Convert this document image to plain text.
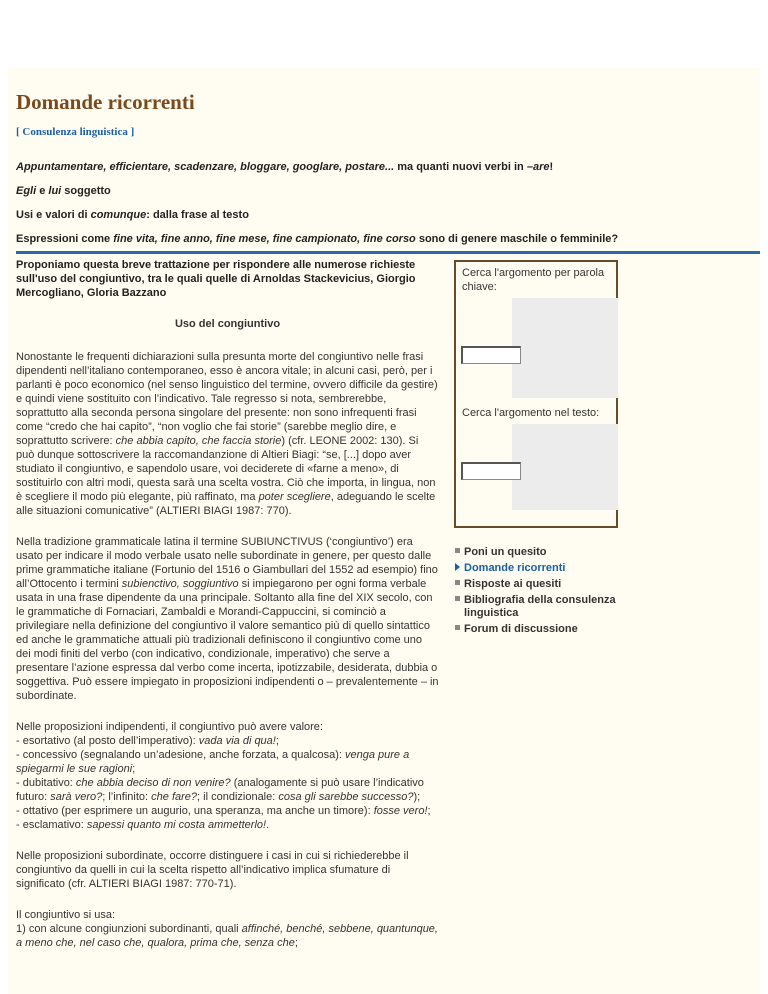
Domande ricorrenti
[ Consulenza linguistica ]

Appuntamentare, efficientare, scadenzare, bloggare, googlare, postare... ma quanti nuovi verbi in –are!

Egli e lui soggetto

Usi e valori di comunque: dalla frase al testo

Espressioni come fine vita, fine anno, fine mese, fine campionato, fine corso sono di genere maschile o femminile?

Proponiamo questa breve trattazione per rispondere alle numerose richieste sull'uso del congiuntivo, tra le quali quelle di Arnoldas Stackevicius, Giorgio Mercogliano, Gloria Bazzano

Uso del congiuntivo

Nonostante le frequenti dichiarazioni sulla presunta morte del congiuntivo nelle frasi dipendenti nell’italiano contemporaneo, esso è ancora vitale; in alcuni casi, però, per i parlanti è poco economico (nel senso linguistico del termine, ovvero difficile da gestire) e quindi viene sostituito con l’indicativo. Tale regresso si nota, sembrerebbe, soprattutto alla seconda persona singolare del presente: non sono infrequenti frasi come “credo che hai capito”, “non voglio che fai storie” (sarebbe meglio dire, e soprattutto scrivere: che abbia capito, che faccia storie) (cfr. LEONE 2002: 130). Si può dunque sottoscrivere la raccomandanzione di Altieri Biagi: “se, [...] dopo aver studiato il congiuntivo, e sapendolo usare, voi deciderete di «farne a meno», di sostituirlo con altri modi, questa sarà una scelta vostra. Ciò che importa, in lingua, non è scegliere il modo più elegante, più raffinato, ma poter scegliere, adeguando le scelte alle situazioni comunicative” (ALTIERI BIAGI 1987: 770).

Nella tradizione grammaticale latina il termine SUBIUNCTIVUS (‘congiuntivo’) era usato per indicare il modo verbale usato nelle subordinate in genere, per questo dalle prime grammatiche italiane (Fortunio del 1516 o Giambullari del 1552 ad esempio) fino all’Ottocento i termini subienctivo, soggiuntivo si impiegarono per ogni forma verbale usata in una frase dipendente da una principale. Soltanto alla fine del XIX secolo, con le grammatiche di Fornaciari, Zambaldi e Morandi-Cappuccini, si cominciò a privilegiare nella definizione del congiuntivo il valore semantico più di quello sintattico ed anche le grammatiche attuali più tradizionali definiscono il congiuntivo come uno dei modi finiti del verbo (con indicativo, condizionale, imperativo) che serve a presentare l’azione espressa dal verbo come incerta, ipotizzabile, desiderata, dubbia o soggettiva. Può essere impiegato in proposizioni indipendenti o – prevalentemente – in subordinate.

Nelle proposizioni indipendenti, il congiuntivo può avere valore:
- esortativo (al posto dell’imperativo): vada via di qua!;
- concessivo (segnalando un’adesione, anche forzata, a qualcosa): venga pure a spiegarmi le sue ragioni;
- dubitativo: che abbia deciso di non venire? (analogamente si può usare l’indicativo futuro: sarà vero?; l’infinito: che fare?; il condizionale: cosa gli sarebbe successo?);
- ottativo (per esprimere un augurio, una speranza, ma anche un timore): fosse vero!;
- esclamativo: sapessi quanto mi costa ammetterlo!.

Nelle proposizioni subordinate, occorre distinguere i casi in cui si richiederebbe il congiuntivo da quelli in cui la scelta rispetto all’indicativo implica sfumature di significato (cfr. ALTIERI BIAGI 1987: 770-71).

Il congiuntivo si usa:
1) con alcune congiunzioni subordinanti, quali affinché, benché, sebbene, quantunque, a meno che, nel caso che, qualora, prima che, senza che;

Cerca l'argomento per parola chiave:
Cerca l'argomento nel testo:
Poni un quesito
Domande ricorrenti
Risposte ai quesiti
Bibliografia della consulenza linguistica
Forum di discussione
